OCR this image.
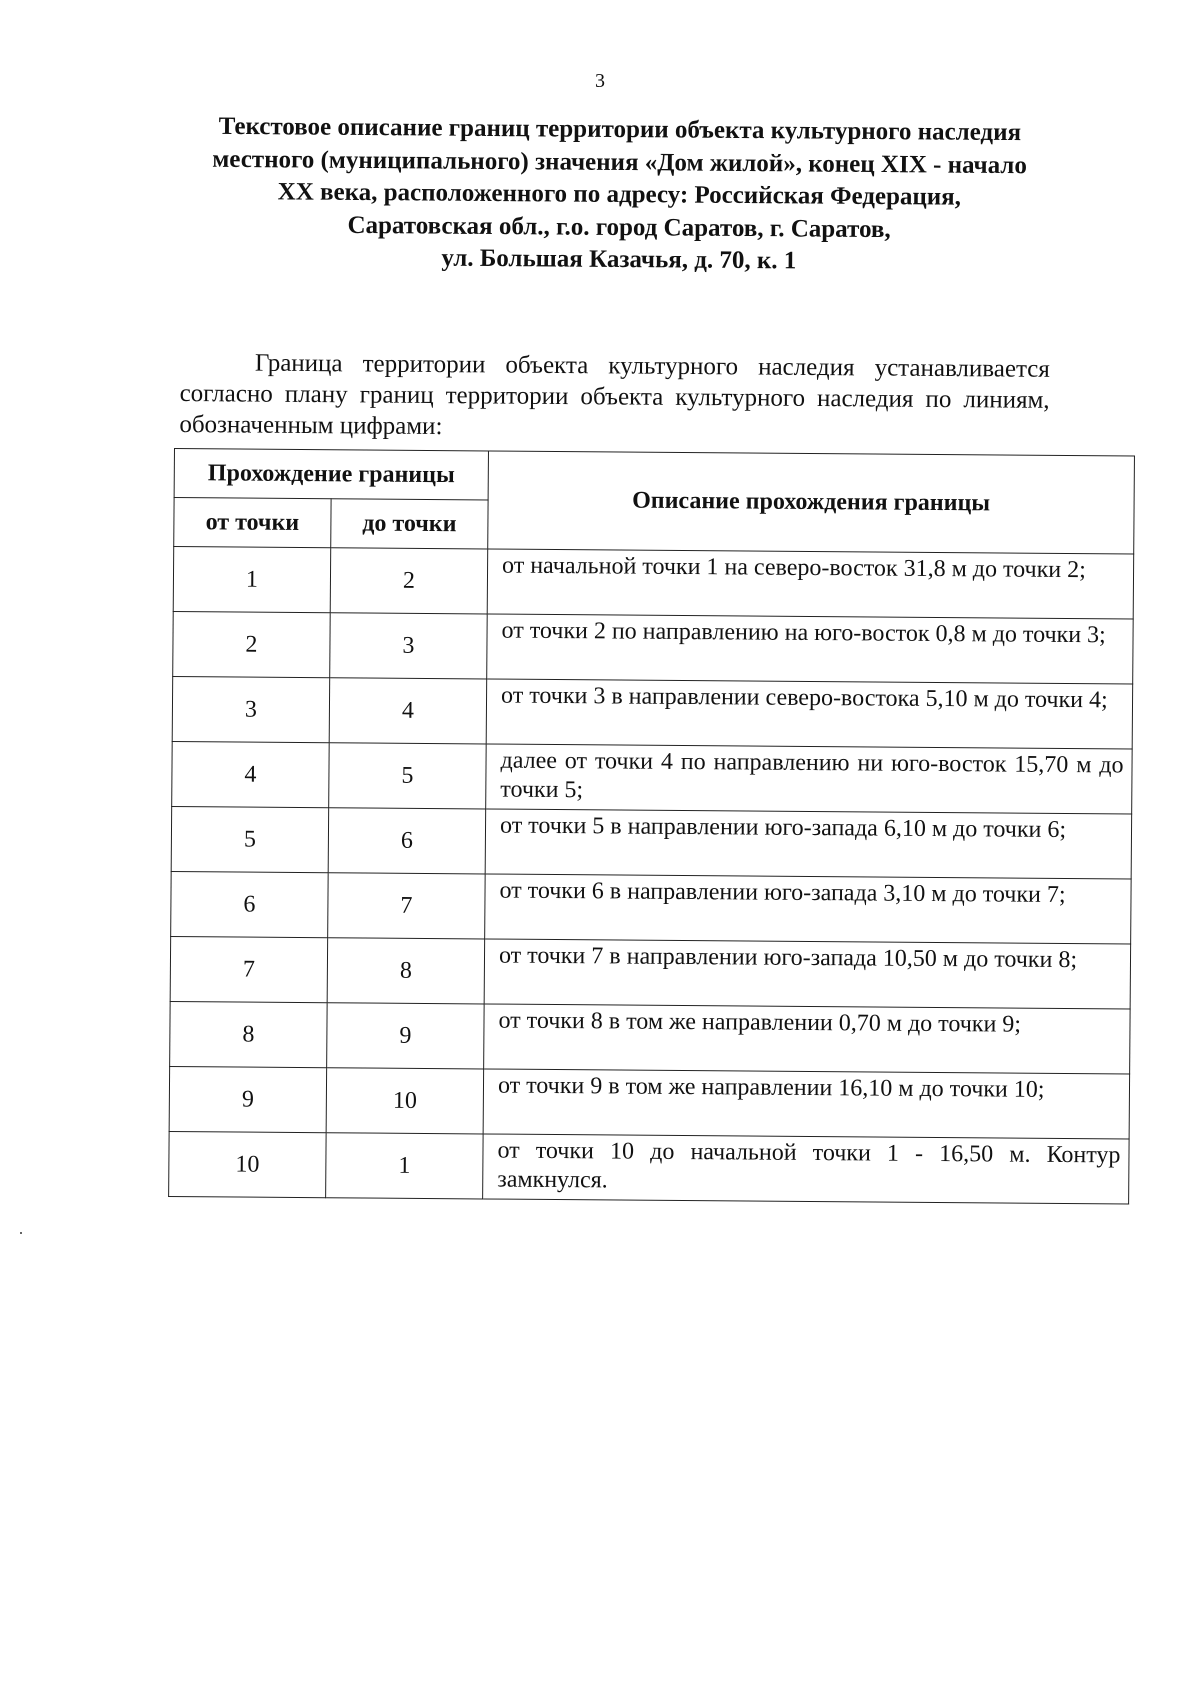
3
Текстовое описание границ территории объекта культурного наследия
местного (муниципального) значения «Дом жилой», конец XIX - начало
XX века, расположенного по адресу: Российская Федерация,
Саратовская обл., г.о. город Саратов, г. Саратов,
ул. Большая Казачья, д. 70, к. 1

Граница территории объекта культурного наследия устанавливается согласно плану границ территории объекта культурного наследия по линиям, обозначенным цифрами:

Прохождение границы		Описание прохождения границы
от точки	до точки	
1	2	от начальной точки 1 на северо-восток 31,8 м до точки 2;
2	3	от точки 2 по направлению на юго-восток 0,8 м до точки 3;
3	4	от точки 3 в направлении северо-востока 5,10 м до точки 4;
4	5	далее от точки 4 по направлению ни юго-восток 15,70 м до точки 5;
5	6	от точки 5 в направлении юго-запада 6,10 м до точки 6;
6	7	от точки 6 в направлении юго-запада 3,10 м до точки 7;
7	8	от точки 7 в направлении юго-запада 10,50 м до точки 8;
8	9	от точки 8 в том же направлении 0,70 м до точки 9;
9	10	от точки 9 в том же направлении 16,10 м до точки 10;
10	1	от точки 10 до начальной точки 1 - 16,50 м. Контур замкнулся.
